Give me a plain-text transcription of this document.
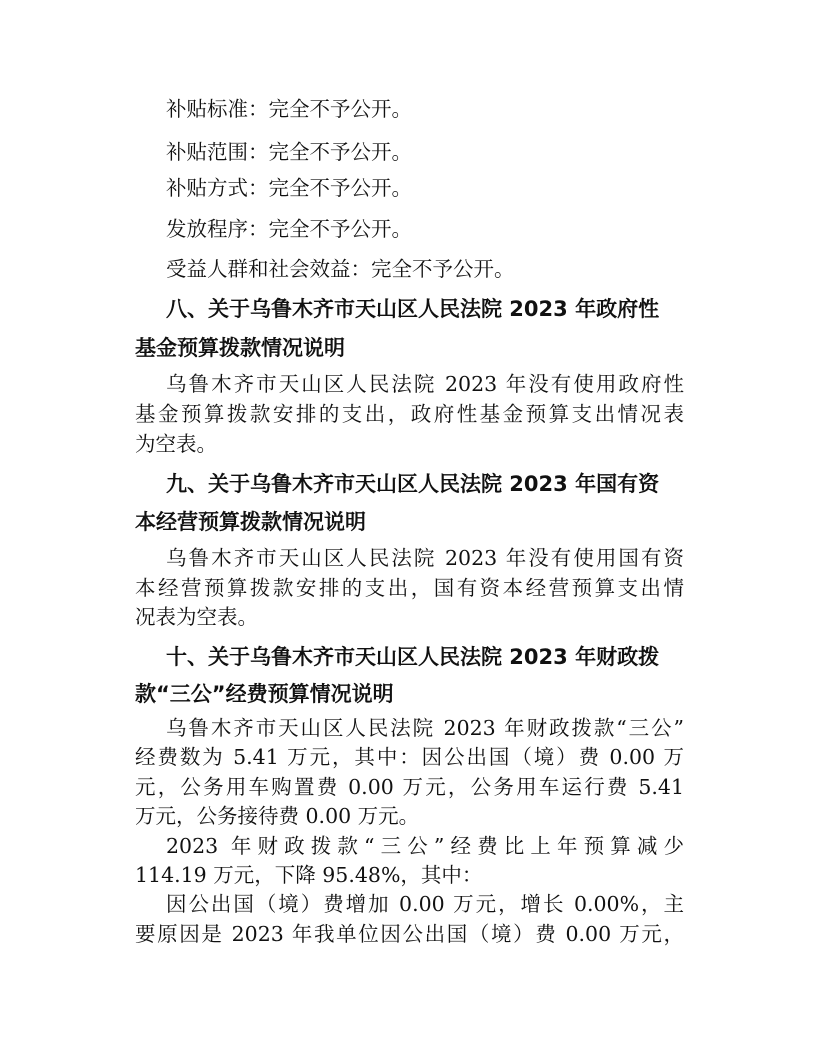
补贴标准：完全不予公开。
补贴范围：完全不予公开。
补贴方式：完全不予公开。
发放程序：完全不予公开。
受益人群和社会效益：完全不予公开。
八、关于乌鲁木齐市天山区人民法院 2023 年政府性
基金预算拨款情况说明
乌鲁木齐市天山区人民法院 2023 年没有使用政府性
基金预算拨款安排的支出，政府性基金预算支出情况表
为空表。
九、关于乌鲁木齐市天山区人民法院 2023 年国有资
本经营预算拨款情况说明
乌鲁木齐市天山区人民法院 2023 年没有使用国有资
本经营预算拨款安排的支出，国有资本经营预算支出情
况表为空表。
十、关于乌鲁木齐市天山区人民法院 2023 年财政拨
款“三公”经费预算情况说明
乌鲁木齐市天山区人民法院 2023 年财政拨款“三公”
经费数为 5.41 万元，其中：因公出国（境）费 0.00 万
元，公务用车购置费 0.00 万元，公务用车运行费 5.41
万元，公务接待费 0.00 万元。
2023 年财政拨款“三公”经费比上年预算减少
114.19 万元，下降 95.48%，其中：
因公出国（境）费增加 0.00 万元，增长 0.00%，主
要原因是 2023 年我单位因公出国（境）费 0.00 万元，
